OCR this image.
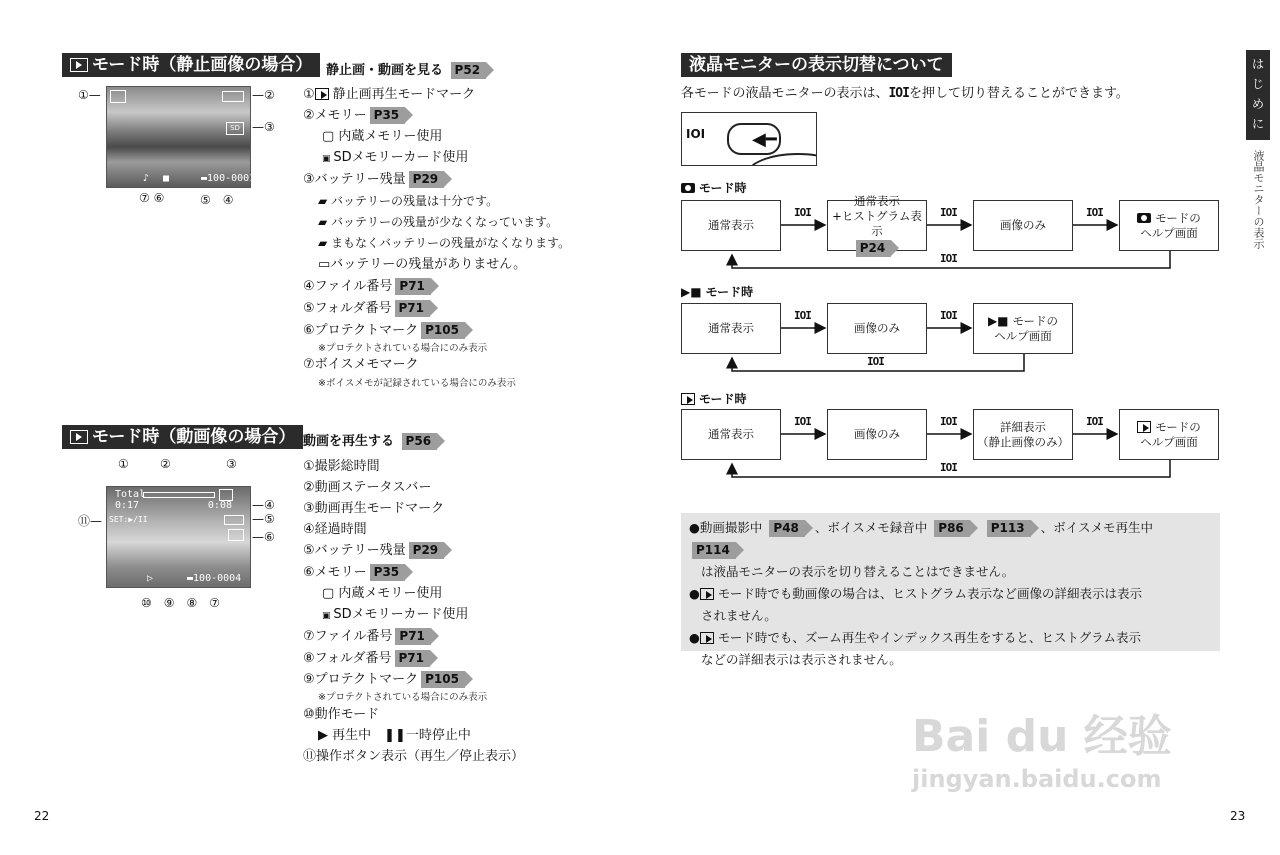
モード時（静止画像の場合）	静止画・動画を見る P52
SD
♪ ■	▬100-0001
①—	—②
—③
⑦ ⑥	⑤　④
① 静止画再生モードマーク
②メモリー P35
▢ 内蔵メモリー使用
▣ SDメモリーカード使用
③バッテリー残量 P29
▰ バッテリーの残量は十分です。
▰ バッテリーの残量が少なくなっています。
▰ まもなくバッテリーの残量がなくなります。
▭バッテリーの残量がありません。
④ファイル番号 P71
⑤フォルダ番号 P71
⑥プロテクトマーク P105
※プロテクトされている場合にのみ表示
⑦ボイスメモマーク
※ボイスメモが記録されている場合にのみ表示
モード時（動画像の場合） 動画を再生する P56
①	②	③
Total
0:17	0:08
SET:▶/II
▷	▬100-0004
—④
—⑤
—⑥
⑪—
⑩　⑨　⑧　⑦
①撮影総時間
②動画ステータスバー
③動画再生モードマーク
④経過時間
⑤バッテリー残量 P29
⑥メモリー P35
▢ 内蔵メモリー使用
▣ SDメモリーカード使用
⑦ファイル番号 P71
⑧フォルダ番号 P71
⑨プロテクトマーク P105
※プロテクトされている場合にのみ表示
⑩動作モード
▶ 再生中　❚❚一時停止中
⑪操作ボタン表示（再生／停止表示）
22
液晶モニターの表示切替について
各モードの液晶モニターの表示は、IOIを押して切り替えることができます。
IOI	◀━
モード時
通常表示
通常表示
+ヒストグラム表示
P24
画像のみ
モードの
ヘルプ画面
IOI	IOI	IOI
IOI
▶■ モード時
通常表示	画像のみ
▶■ モードの
ヘルプ画面
IOI	IOI
IOI
モード時
通常表示	画像のみ
詳細表示
（静止画像のみ）
モードの
ヘルプ画面
IOI	IOI	IOI
IOI
●動画撮影中 P48 、ボイスメモ録音中 P86 P113 、ボイスメモ再生中 P114
は液晶モニターの表示を切り替えることはできません。
● モード時でも動画像の場合は、ヒストグラム表示など画像の詳細表示は表示
されません。
● モード時でも、ズーム再生やインデックス再生をすると、ヒストグラム表示
などの詳細表示は表示されません。
は
じ
め
に
液晶モニターの表示
Bai du 经验
jingyan.baidu.com
23
